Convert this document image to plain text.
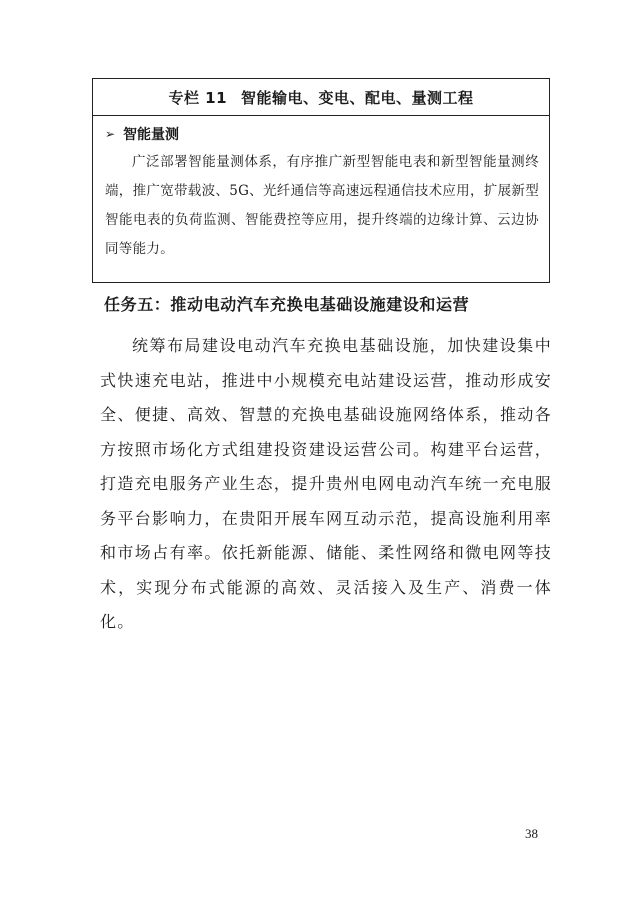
专栏 11 智能输电、变电、配电、量测工程
➢ 智能量测
广泛部署智能量测体系，有序推广新型智能电表和新型智能量测终端，推广宽带载波、5G、光纤通信等高速远程通信技术应用，扩展新型智能电表的负荷监测、智能费控等应用，提升终端的边缘计算、云边协同等能力。
任务五：推动电动汽车充换电基础设施建设和运营
统筹布局建设电动汽车充换电基础设施，加快建设集中式快速充电站，推进中小规模充电站建设运营，推动形成安全、便捷、高效、智慧的充换电基础设施网络体系，推动各方按照市场化方式组建投资建设运营公司。构建平台运营，打造充电服务产业生态，提升贵州电网电动汽车统一充电服务平台影响力，在贵阳开展车网互动示范，提高设施利用率和市场占有率。依托新能源、储能、柔性网络和微电网等技术，实现分布式能源的高效、灵活接入及生产、消费一体化。
38
